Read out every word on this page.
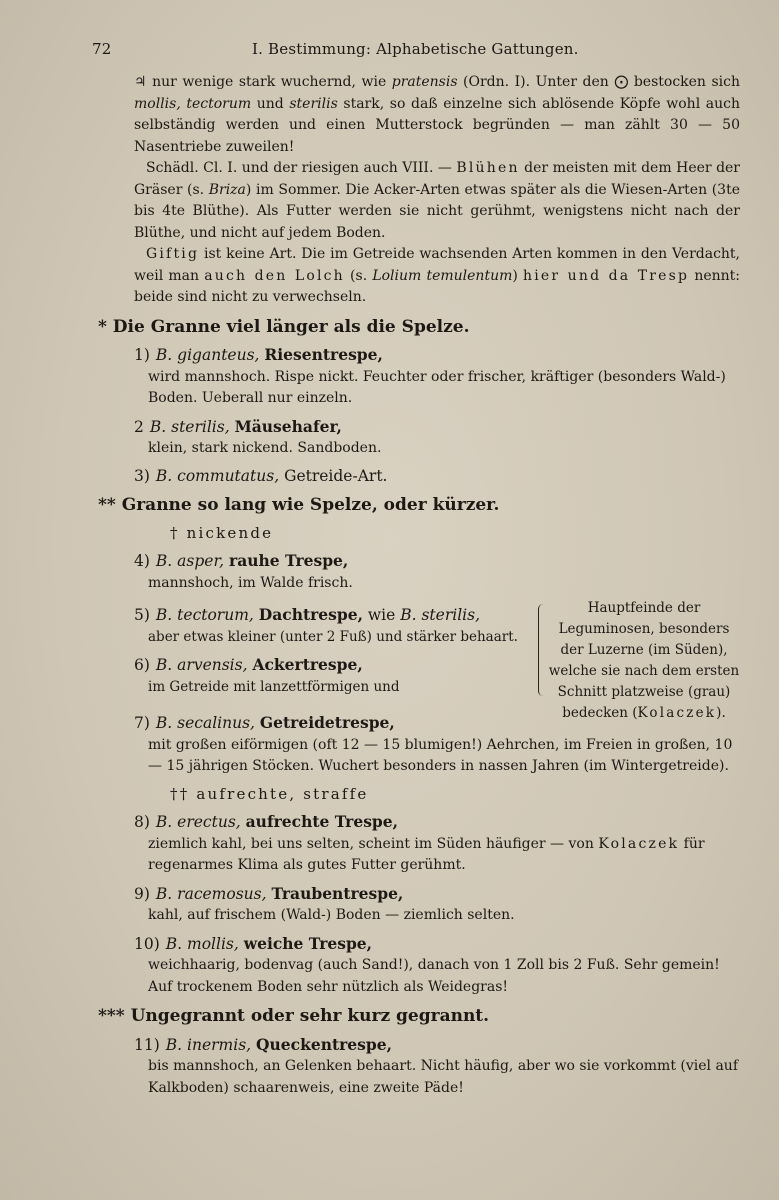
72	I. Bestimmung: Alphabetische Gattungen.

♃ nur wenige stark wuchernd, wie pratensis (Ordn. I). Unter den ⨀ bestocken sich mollis, tectorum und sterilis stark, so daß einzelne sich ablösende Köpfe wohl auch selbständig werden und einen Mutterstock begründen — man zählt 30 — 50 Nasentriebe zuweilen!

Schädl. Cl. I. und der riesigen auch VIII. — Blühen der meisten mit dem Heer der Gräser (s. Briza) im Sommer. Die Acker-Arten etwas später als die Wiesen-Arten (3te bis 4te Blüthe). Als Futter werden sie nicht gerühmt, wenigstens nicht nach der Blüthe, und nicht auf jedem Boden.

Giftig ist keine Art. Die im Getreide wachsenden Arten kommen in den Verdacht, weil man auch den Lolch (s. Lolium temulentum) hier und da Tresp nennt: beide sind nicht zu verwechseln.

* Die Granne viel länger als die Spelze.
1) B. giganteus, Riesentrespe,
wird mannshoch. Rispe nickt. Feuchter oder frischer, kräftiger (besonders Wald-) Boden. Ueberall nur einzeln.
2 B. sterilis, Mäusehafer,
klein, stark nickend. Sandboden.
3) B. commutatus, Getreide-Art.
** Granne so lang wie Spelze, oder kürzer.
† nickende
4) B. asper, rauhe Trespe,
mannshoch, im Walde frisch.
5) B. tectorum, Dachtrespe, wie B. sterilis,
aber etwas kleiner (unter 2 Fuß) und stärker behaart.
6) B. arvensis, Ackertrespe,
im Getreide mit lanzettförmigen und
Hauptfeinde der Leguminosen, besonders der Luzerne (im Süden), welche sie nach dem ersten Schnitt platzweise (grau) bedecken (Kolaczek).
7) B. secalinus, Getreidetrespe,
mit großen eiförmigen (oft 12 — 15 blumigen!) Aehrchen, im Freien in großen, 10 — 15 jährigen Stöcken. Wuchert besonders in nassen Jahren (im Wintergetreide).
†† aufrechte, straffe
8) B. erectus, aufrechte Trespe,
ziemlich kahl, bei uns selten, scheint im Süden häufiger — von Kolaczek für regenarmes Klima als gutes Futter gerühmt.
9) B. racemosus, Traubentrespe,
kahl, auf frischem (Wald-) Boden — ziemlich selten.
10) B. mollis, weiche Trespe,
weichhaarig, bodenvag (auch Sand!), danach von 1 Zoll bis 2 Fuß. Sehr gemein! Auf trockenem Boden sehr nützlich als Weidegras!
*** Ungegrannt oder sehr kurz gegrannt.
11) B. inermis, Queckentrespe,
bis mannshoch, an Gelenken behaart. Nicht häufig, aber wo sie vorkommt (viel auf Kalkboden) schaarenweis, eine zweite Päde!
